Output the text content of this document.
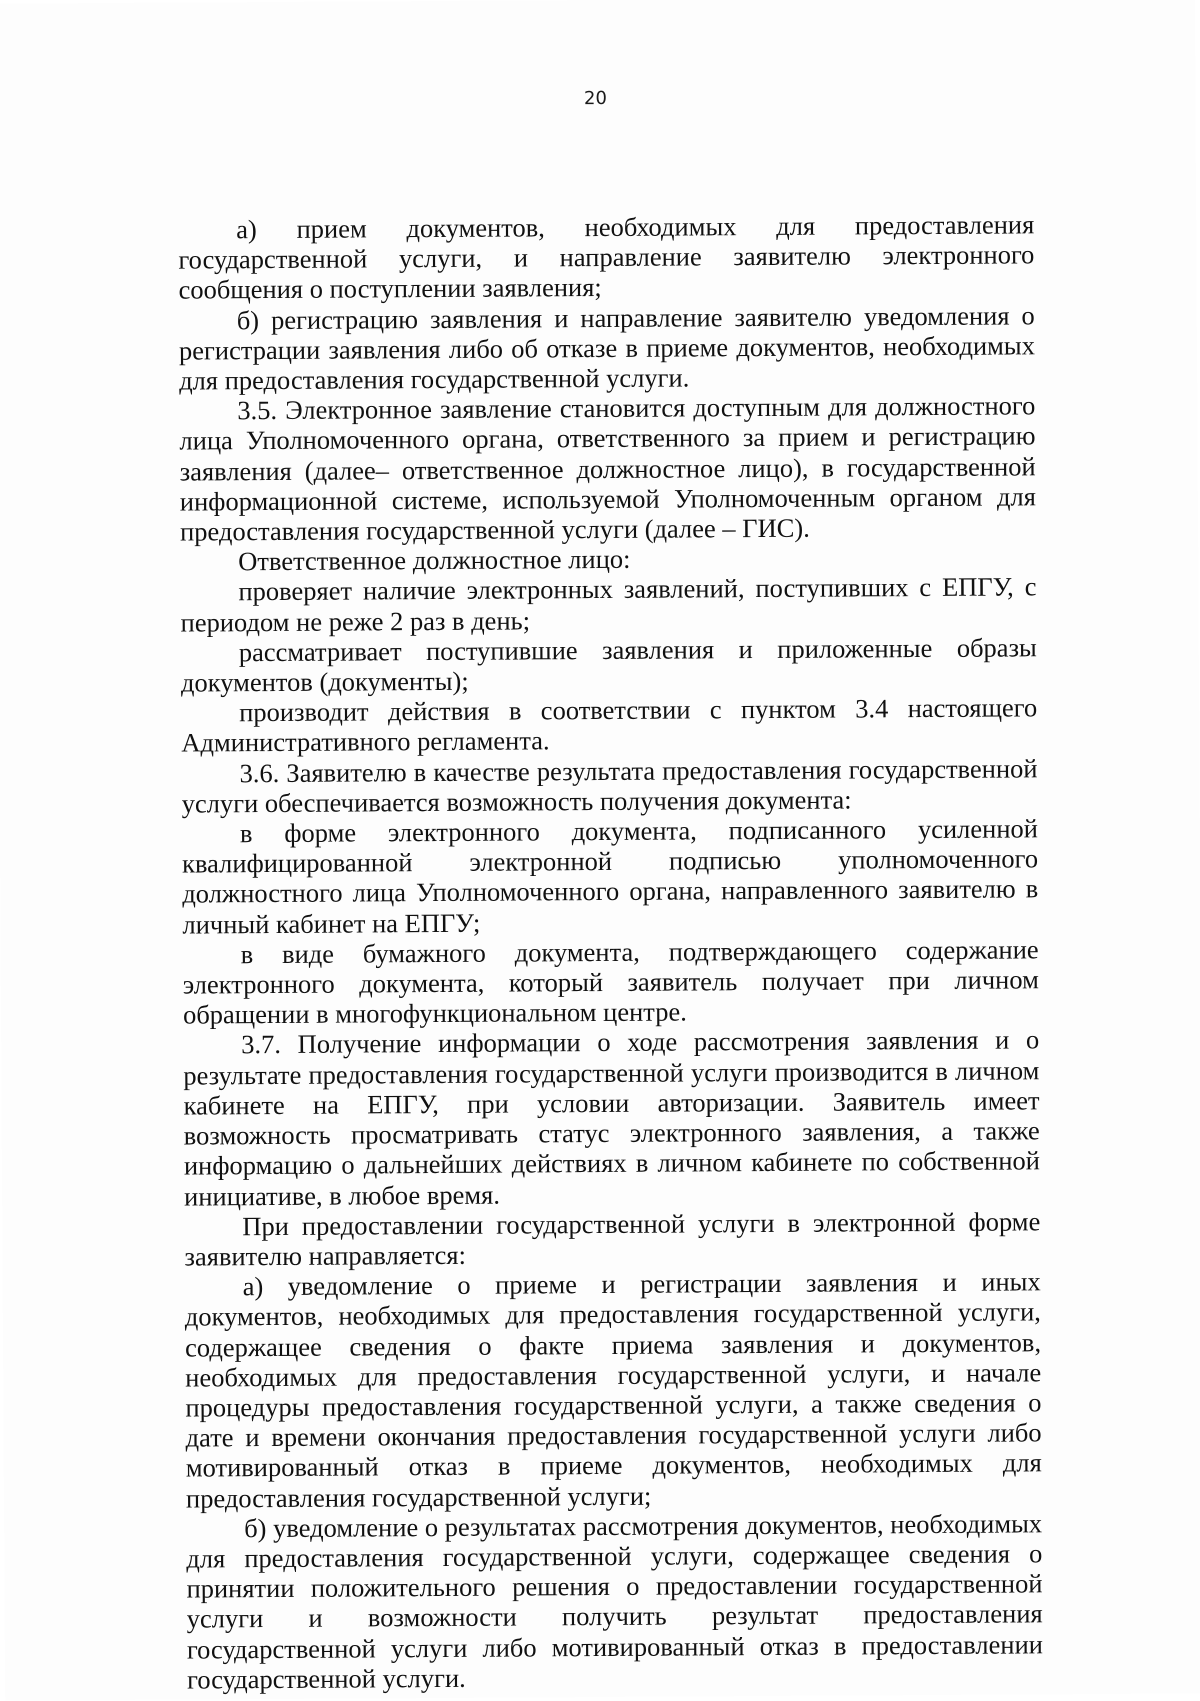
20

а) прием документов, необходимых для предоставления государственной услуги, и направление заявителю электронного сообщения о поступлении заявления;

б) регистрацию заявления и направление заявителю уведомления о регистрации заявления либо об отказе в приеме документов, необходимых для предоставления государственной услуги.

3.5. Электронное заявление становится доступным для должностного лица Уполномоченного органа, ответственного за прием и регистрацию заявления (далее– ответственное должностное лицо), в государственной информационной системе, используемой Уполномоченным органом для предоставления государственной услуги (далее – ГИС).

Ответственное должностное лицо:

проверяет наличие электронных заявлений, поступивших с ЕПГУ, с периодом не реже 2 раз в день;

рассматривает поступившие заявления и приложенные образы документов (документы);

производит действия в соответствии с пунктом 3.4 настоящего Административного регламента.

3.6. Заявителю в качестве результата предоставления государственной услуги обеспечивается возможность получения документа:

в форме электронного документа, подписанного усиленной квалифицированной электронной подписью уполномоченного должностного лица Уполномоченного органа, направленного заявителю в личный кабинет на ЕПГУ;

в виде бумажного документа, подтверждающего содержание электронного документа, который заявитель получает при личном обращении в многофункциональном центре.

3.7. Получение информации о ходе рассмотрения заявления и о результате предоставления государственной услуги производится в личном кабинете на ЕПГУ, при условии авторизации. Заявитель имеет возможность просматривать статус электронного заявления, а также информацию о дальнейших действиях в личном кабинете по собственной инициативе, в любое время.

При предоставлении государственной услуги в электронной форме заявителю направляется:

а) уведомление о приеме и регистрации заявления и иных документов, необходимых для предоставления государственной услуги, содержащее сведения о факте приема заявления и документов, необходимых для предоставления государственной услуги, и начале процедуры предоставления государственной услуги, а также сведения о дате и времени окончания предоставления государственной услуги либо мотивированный отказ в приеме документов, необходимых для предоставления государственной услуги;

б) уведомление о результатах рассмотрения документов, необходимых для предоставления государственной услуги, содержащее сведения о принятии положительного решения о предоставлении государственной услуги и возможности получить результат предоставления государственной услуги либо мотивированный отказ в предоставлении государственной услуги.
